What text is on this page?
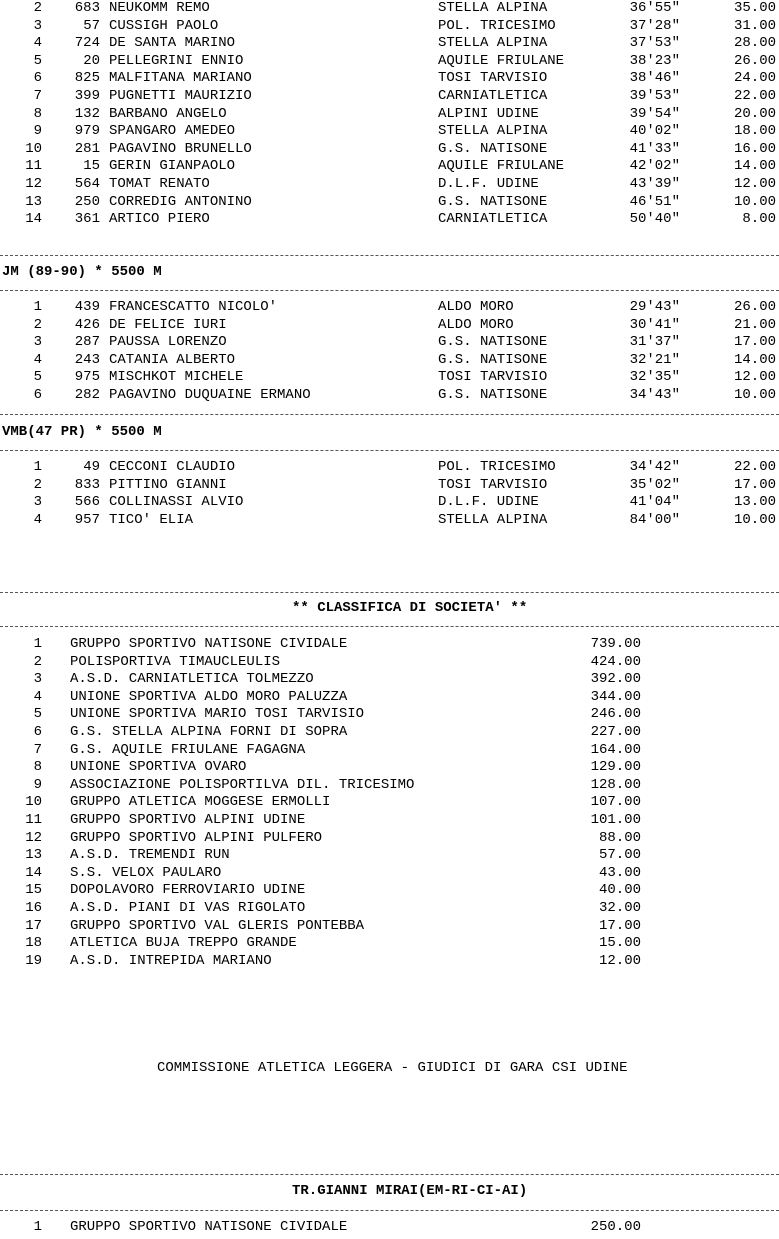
2	683 NEUKOMM REMO	STELLA ALPINA	36'55"	35.00
3	57 CUSSIGH PAOLO	POL. TRICESIMO	37'28"	31.00
4	724 DE SANTA MARINO	STELLA ALPINA	37'53"	28.00
5	20 PELLEGRINI ENNIO	AQUILE FRIULANE	38'23"	26.00
6	825 MALFITANA MARIANO	TOSI TARVISIO	38'46"	24.00
7	399 PUGNETTI MAURIZIO	CARNIATLETICA	39'53"	22.00
8	132 BARBANO ANGELO	ALPINI UDINE	39'54"	20.00
9	979 SPANGARO AMEDEO	STELLA ALPINA	40'02"	18.00
10	281 PAGAVINO BRUNELLO	G.S. NATISONE	41'33"	16.00
11	15 GERIN GIANPAOLO	AQUILE FRIULANE	42'02"	14.00
12	564 TOMAT RENATO	D.L.F. UDINE	43'39"	12.00
13	250 CORREDIG ANTONINO	G.S. NATISONE	46'51"	10.00
14	361 ARTICO PIERO	CARNIATLETICA	50'40"	8.00
JM (89-90) * 5500 M
1	439 FRANCESCATTO NICOLO'	ALDO MORO	29'43"	26.00
2	426 DE FELICE IURI	ALDO MORO	30'41"	21.00
3	287 PAUSSA LORENZO	G.S. NATISONE	31'37"	17.00
4	243 CATANIA ALBERTO	G.S. NATISONE	32'21"	14.00
5	975 MISCHKOT MICHELE	TOSI TARVISIO	32'35"	12.00
6	282 PAGAVINO DUQUAINE ERMANO	G.S. NATISONE	34'43"	10.00
VMB(47 PR) * 5500 M
1	49 CECCONI CLAUDIO	POL. TRICESIMO	34'42"	22.00
2	833 PITTINO GIANNI	TOSI TARVISIO	35'02"	17.00
3	566 COLLINASSI ALVIO	D.L.F. UDINE	41'04"	13.00
4	957 TICO' ELIA	STELLA ALPINA	84'00"	10.00
** CLASSIFICA DI SOCIETA' **
1 GRUPPO SPORTIVO NATISONE CIVIDALE	739.00
2 POLISPORTIVA TIMAUCLEULIS	424.00
3 A.S.D. CARNIATLETICA TOLMEZZO	392.00
4 UNIONE SPORTIVA ALDO MORO PALUZZA	344.00
5 UNIONE SPORTIVA MARIO TOSI TARVISIO	246.00
6 G.S. STELLA ALPINA FORNI DI SOPRA	227.00
7 G.S. AQUILE FRIULANE FAGAGNA	164.00
8 UNIONE SPORTIVA OVARO	129.00
9 ASSOCIAZIONE POLISPORTILVA DIL. TRICESIMO	128.00
10 GRUPPO ATLETICA MOGGESE ERMOLLI	107.00
11 GRUPPO SPORTIVO ALPINI UDINE	101.00
12 GRUPPO SPORTIVO ALPINI PULFERO	88.00
13 A.S.D. TREMENDI RUN	57.00
14 S.S. VELOX PAULARO	43.00
15 DOPOLAVORO FERROVIARIO UDINE	40.00
16 A.S.D. PIANI DI VAS RIGOLATO	32.00
17 GRUPPO SPORTIVO VAL GLERIS PONTEBBA	17.00
18 ATLETICA BUJA TREPPO GRANDE	15.00
19 A.S.D. INTREPIDA MARIANO	12.00
COMMISSIONE ATLETICA LEGGERA - GIUDICI DI GARA CSI UDINE
TR.GIANNI MIRAI(EM-RI-CI-AI)
1 GRUPPO SPORTIVO NATISONE CIVIDALE	250.00
